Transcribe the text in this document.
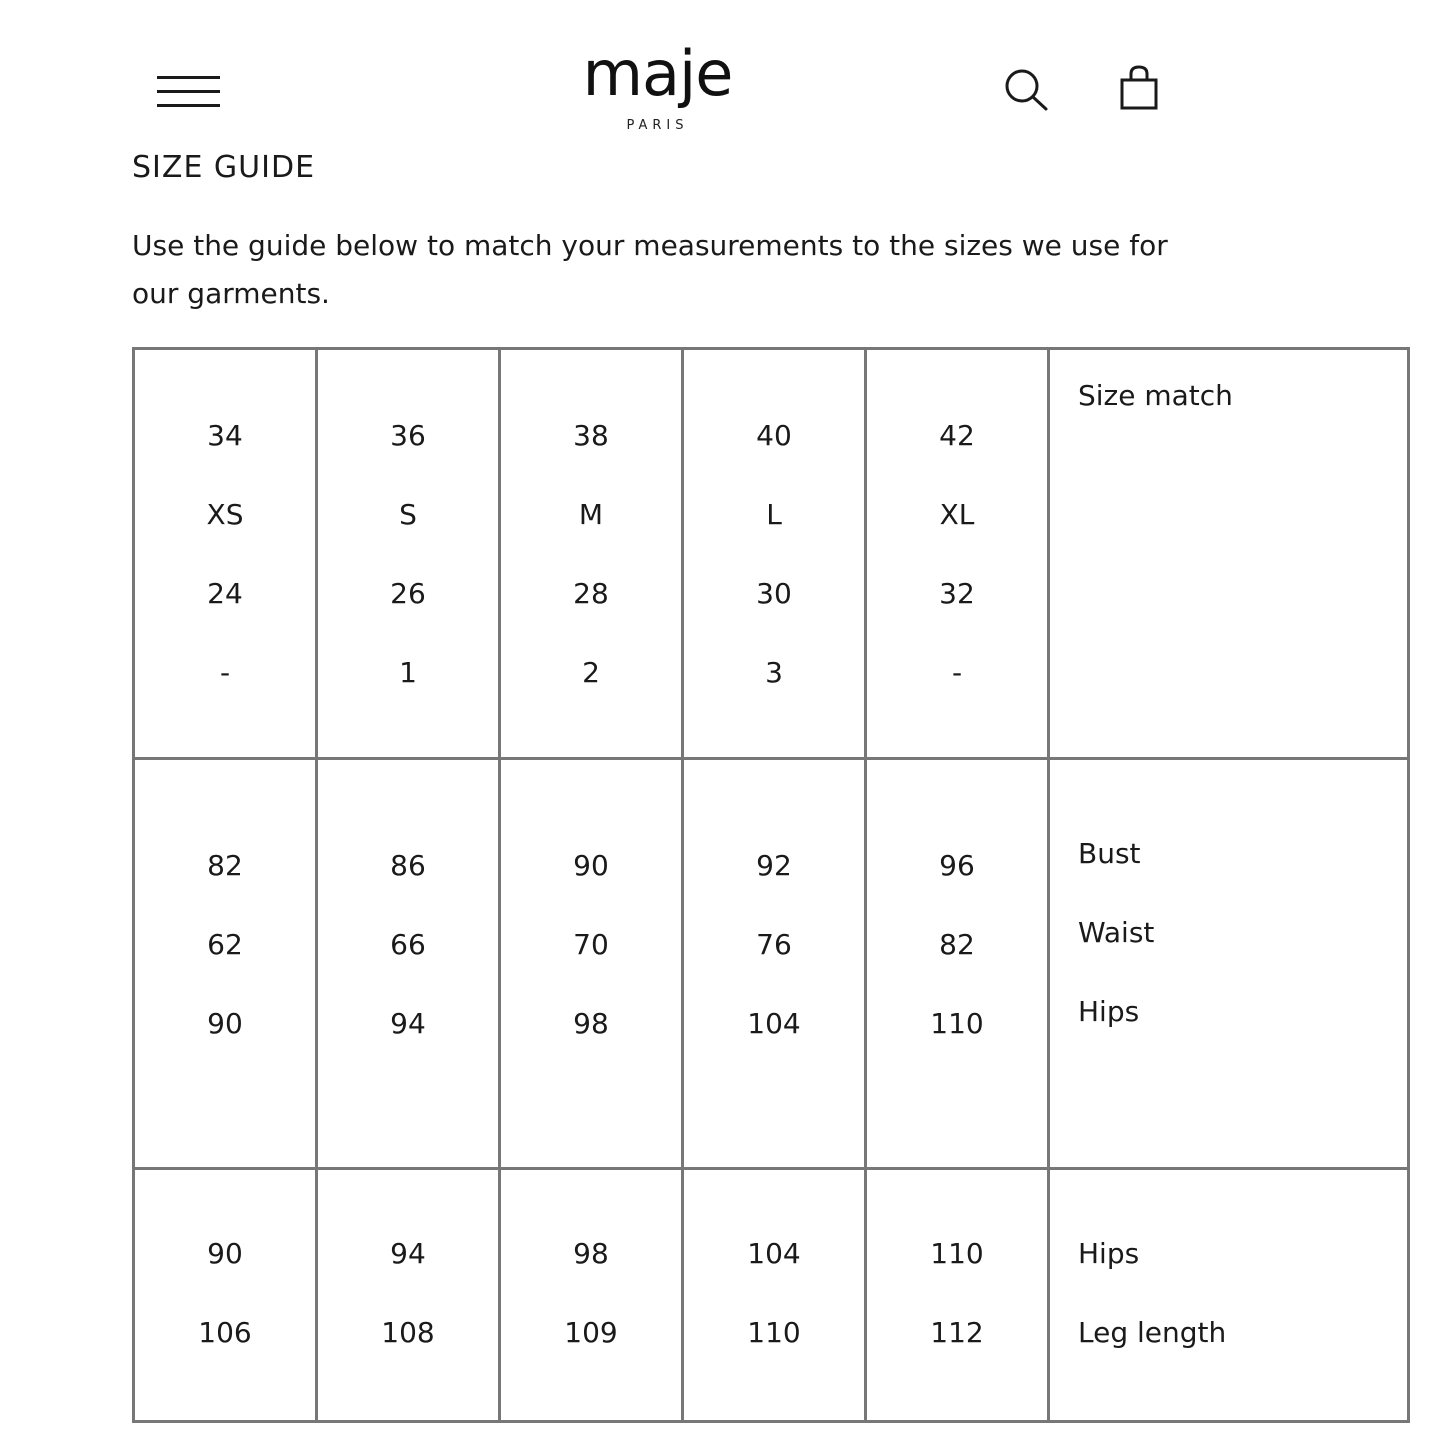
maje
PARIS
SIZE GUIDE

Use the guide below to match your measurements to the sizes we use for our garments.

34
XS
24
-
36
S
26
1
38
M
28
2
40
L
30
3
42
XL
32
-
Size match
82
62
90
86
66
94
90
70
98
92
76
104
96
82
110
Bust
Waist
Hips
90
106
94
108
98
109
104
110
110
112
Hips
Leg length
